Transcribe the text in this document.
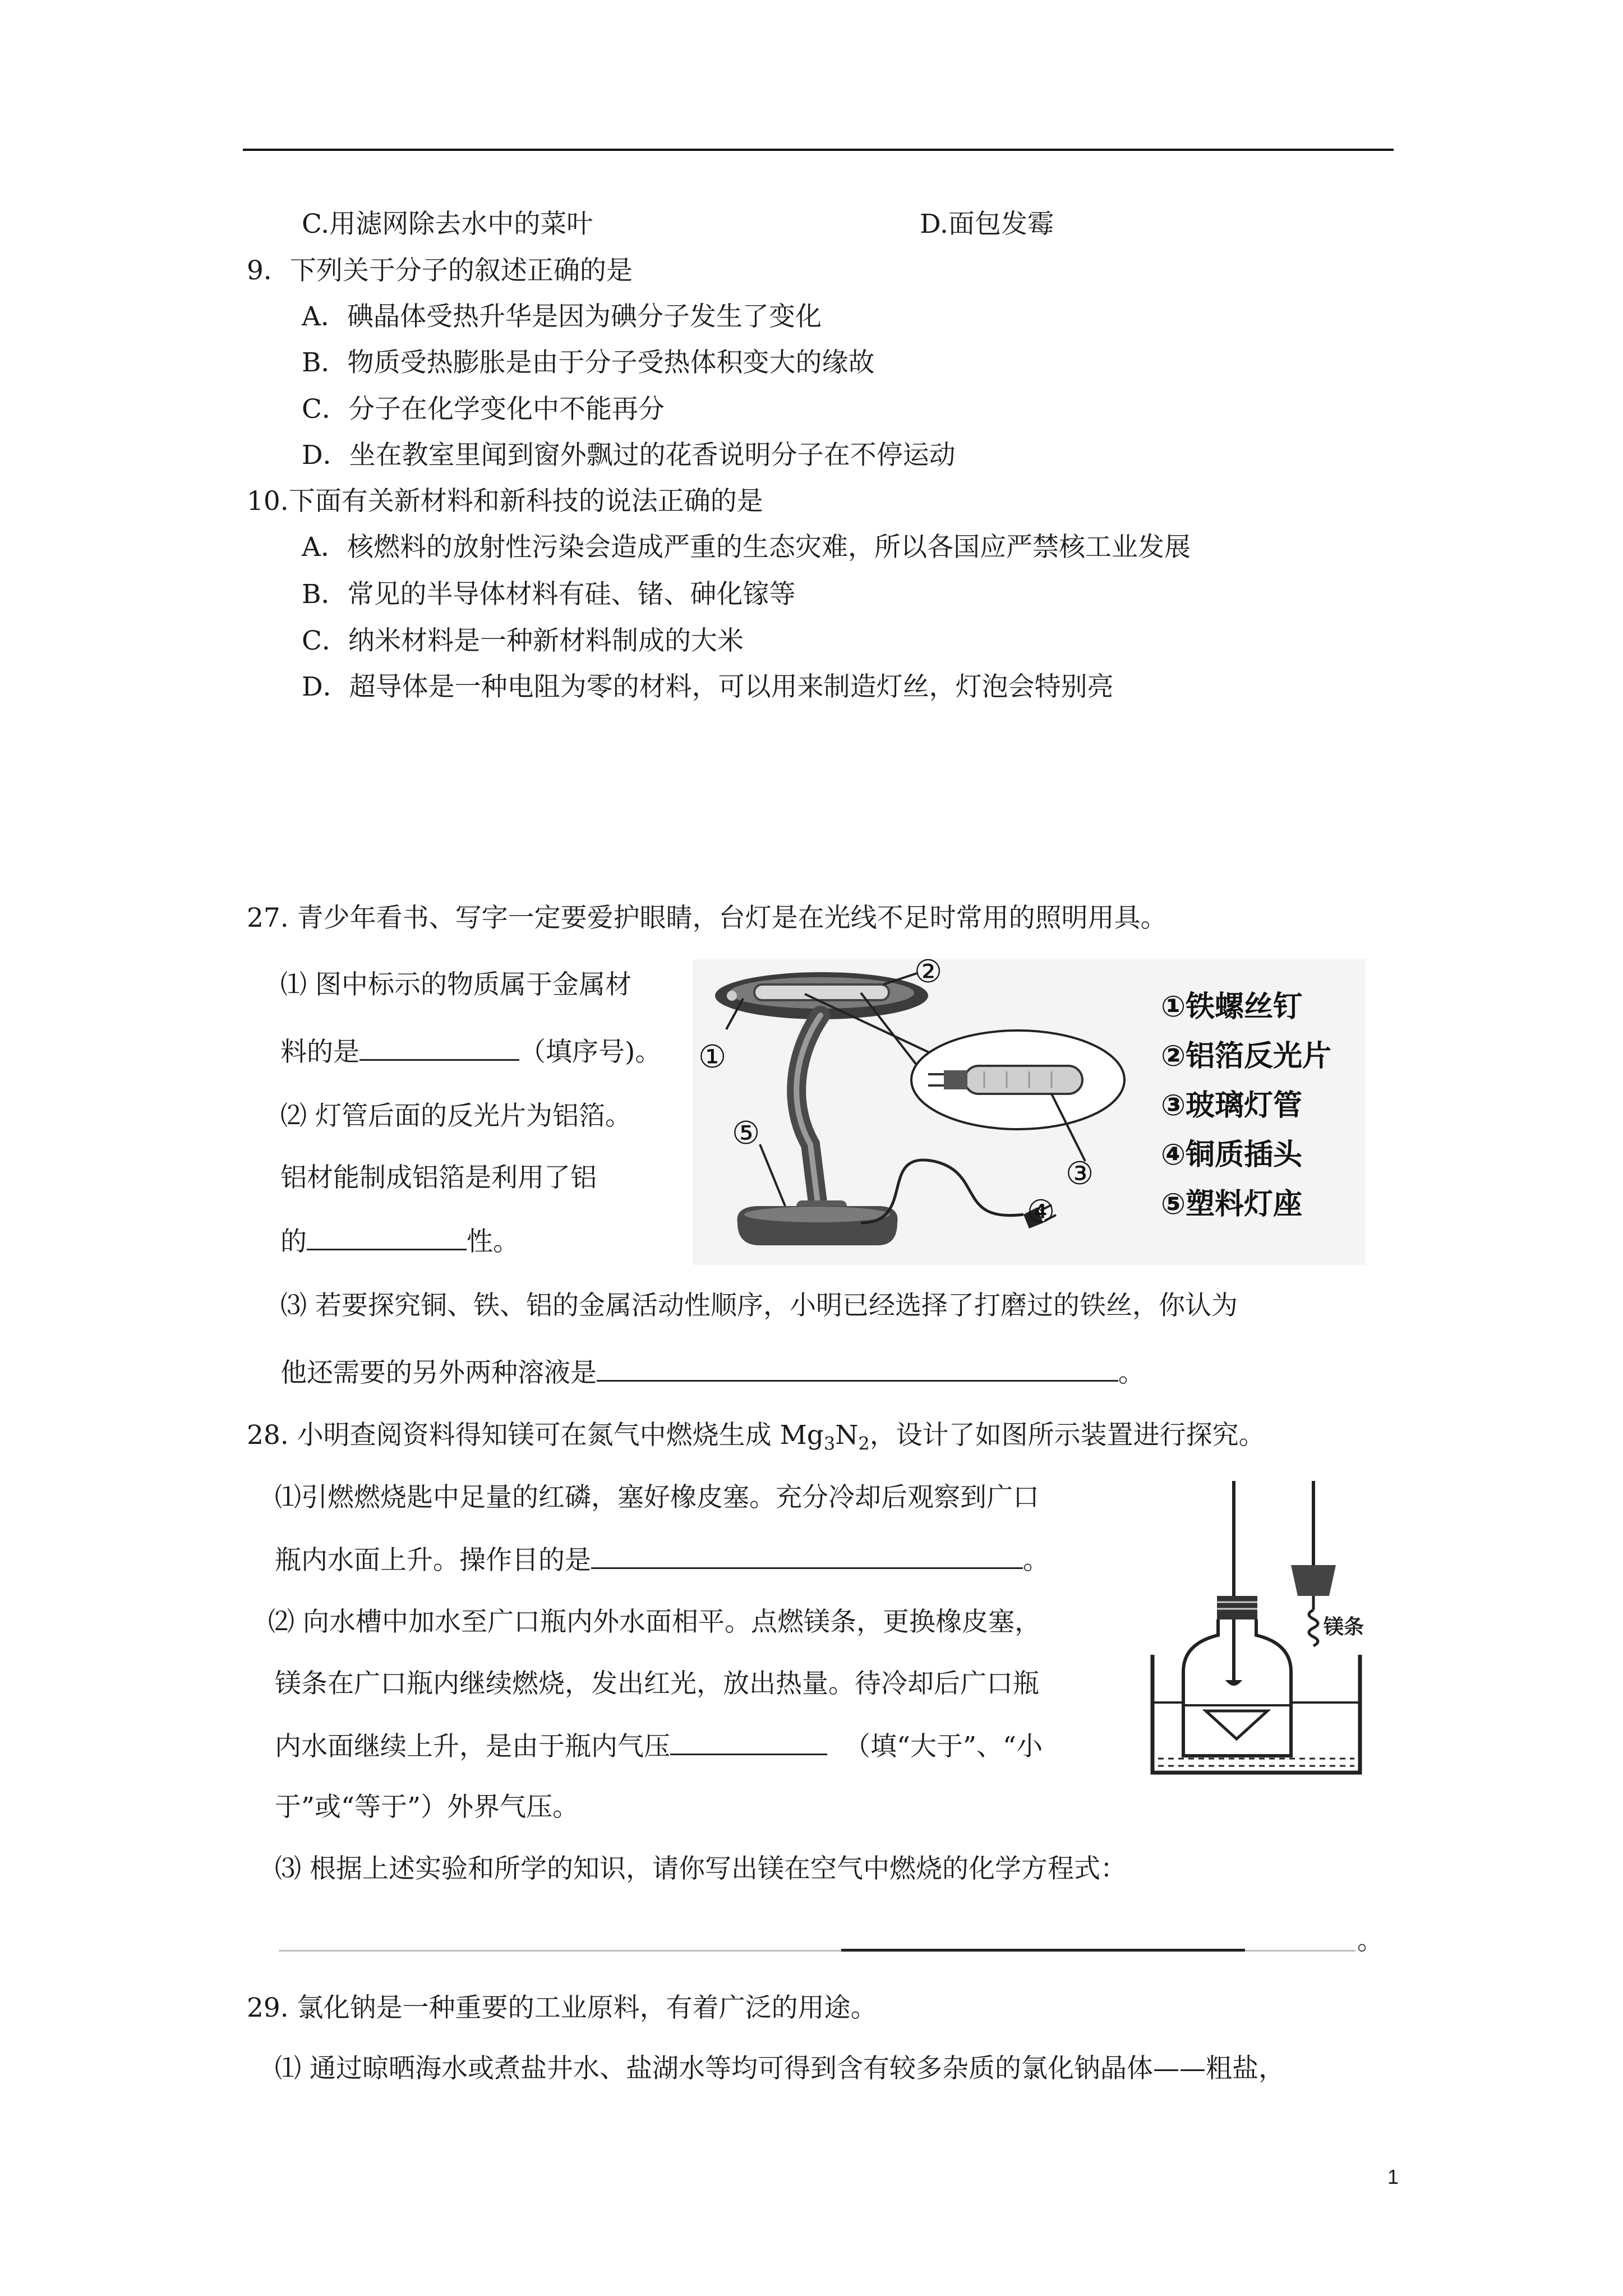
C.用滤网除去水中的菜叶	D.面包发霉
9．下列关于分子的叙述正确的是
A．碘晶体受热升华是因为碘分子发生了变化
B．物质受热膨胀是由于分子受热体积变大的缘故
C．分子在化学变化中不能再分
D．坐在教室里闻到窗外飘过的花香说明分子在不停运动
10.下面有关新材料和新科技的说法正确的是
A．核燃料的放射性污染会造成严重的生态灾难，所以各国应严禁核工业发展
B．常见的半导体材料有硅、锗、砷化镓等
C．纳米材料是一种新材料制成的大米
D．超导体是一种电阻为零的材料，可以用来制造灯丝，灯泡会特别亮
27. 青少年看书、写字一定要爱护眼睛，台灯是在光线不足时常用的照明用具。
⑴ 图中标示的物质属于金属材
料的是	（填序号)。
⑵ 灯管后面的反光片为铝箔。
铝材能制成铝箔是利用了铝
的	性。
①
②
③
④
⑤
①铁螺丝钉
②铝箔反光片
③玻璃灯管
④铜质插头
⑤塑料灯座
⑶ 若要探究铜、铁、铝的金属活动性顺序，小明已经选择了打磨过的铁丝，你认为
他还需要的另外两种溶液是	。
28. 小明查阅资料得知镁可在氮气中燃烧生成 $Mg_3N_2$，设计了如图所示装置进行探究。
⑴引燃燃烧匙中足量的红磷，塞好橡皮塞。充分冷却后观察到广口
瓶内水面上升。操作目的是	。
⑵ 向水槽中加水至广口瓶内外水面相平。点燃镁条，更换橡皮塞，
镁条在广口瓶内继续燃烧，发出红光，放出热量。待冷却后广口瓶
内水面继续上升，是由于瓶内气压	（填“大于”、“小
于”或“等于”）外界气压。
镁条
⑶ 根据上述实验和所学的知识，请你写出镁在空气中燃烧的化学方程式：
。
29. 氯化钠是一种重要的工业原料，有着广泛的用途。
⑴ 通过晾晒海水或煮盐井水、盐湖水等均可得到含有较多杂质的氯化钠晶体——粗盐，
1
